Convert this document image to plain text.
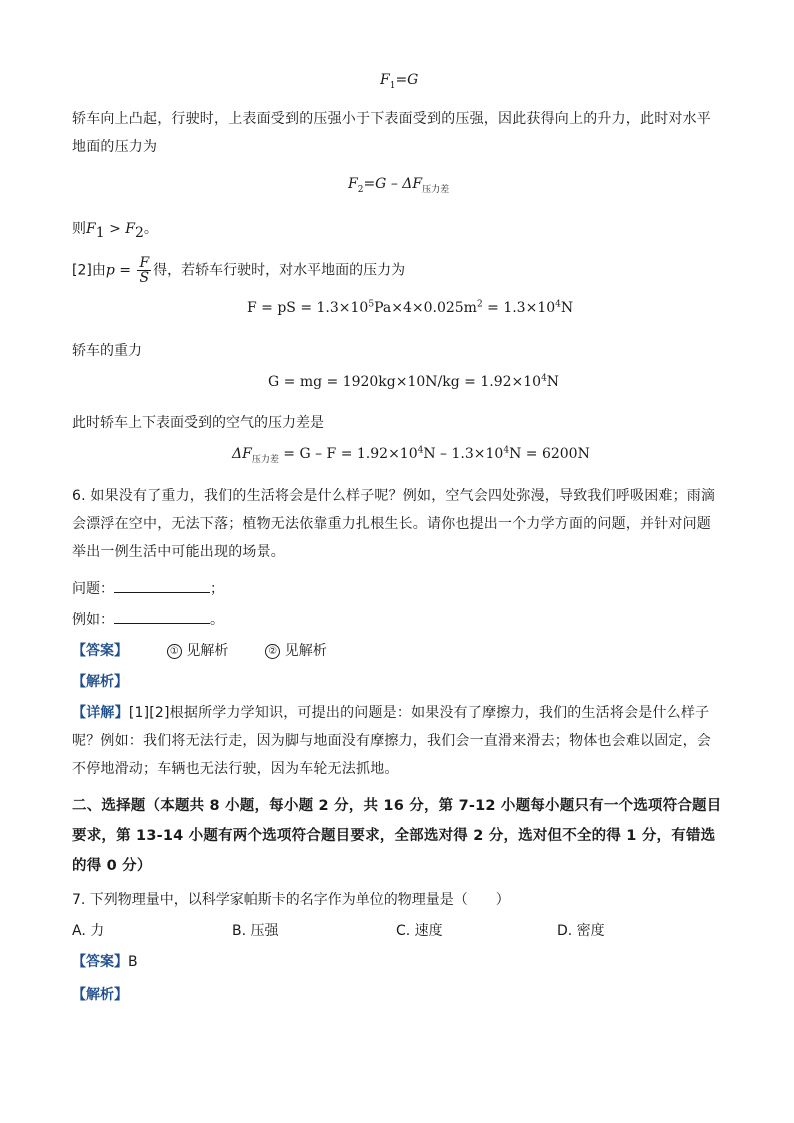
$F_1=G$
轿车向上凸起，行驶时，上表面受到的压强小于下表面受到的压强，因此获得向上的升力，此时对水平地面的压力为
$F_2=G - \Delta F_{压力差}$
则$F_1 > F_2$。
[2]由$p = \frac{F}{S}$ 得，若轿车行驶时，对水平地面的压力为
F = pS = $1.3\times 10^5Pa\times 4\times 0.025m^2 = 1.3\times 10^4N$
轿车的重力
G = mg = $1920kg\times 10N/kg = 1.92\times 10^4N$
此时轿车上下表面受到的空气的压力差是
$\Delta F_{压力差} = G - F = 1.92\times 10^4N - 1.3\times 10^4N = 6200N$
6. 如果没有了重力，我们的生活将会是什么样子呢？例如，空气会四处弥漫，导致我们呼吸困难；雨滴会漂浮在空中，无法下落；植物无法依靠重力扎根生长。请你也提出一个力学方面的问题，并针对问题举出一例生活中可能出现的场景。
问题：	；
例如：	。
【答案】	① 见解析	② 见解析
【解析】
【详解】[1][2]根据所学力学知识，可提出的问题是：如果没有了摩擦力，我们的生活将会是什么样子呢？例如：我们将无法行走，因为脚与地面没有摩擦力，我们会一直滑来滑去；物体也会难以固定，会不停地滑动；车辆也无法行驶，因为车轮无法抓地。
二、选择题（本题共 8 小题，每小题 2 分，共 16 分，第 7-12 小题每小题只有一个选项符合题目要求，第 13-14 小题有两个选项符合题目要求，全部选对得 2 分，选对但不全的得 1 分，有错选的得 0 分）
7. 下列物理量中，以科学家帕斯卡的名字作为单位的物理量是（　　）
A. 力	B. 压强	C. 速度	D. 密度
【答案】B
【解析】
